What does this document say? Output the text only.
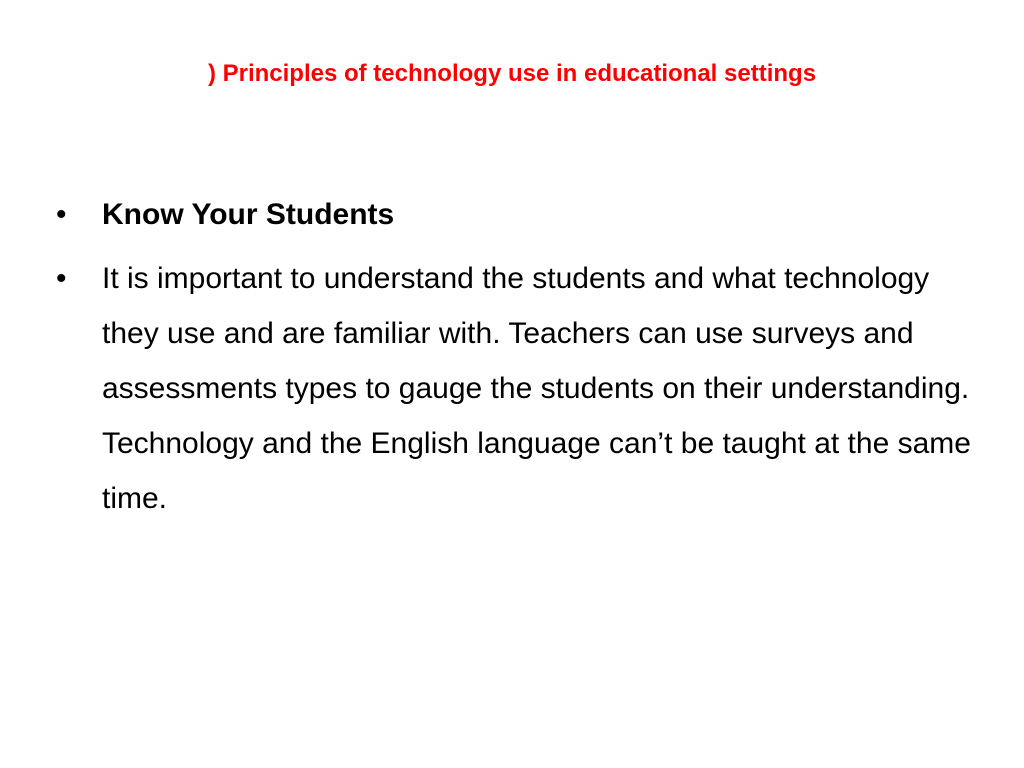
) Principles of technology use in educational settings
• Know Your Students
• It is important to understand the students and what technology they use and are familiar with. Teachers can use surveys and assessments types to gauge the students on their understanding. Technology and the English language can’t be taught at the same time.
